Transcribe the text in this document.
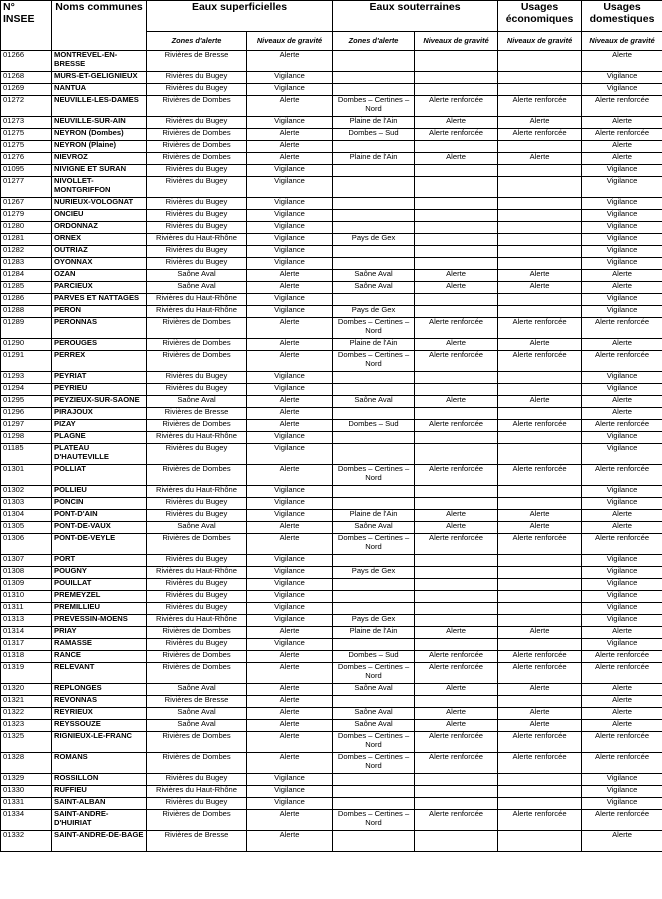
N° INSEE	Noms communes	Eaux superficielles		Eaux souterraines		Usages économiques	Usages domestiques
		Zones d'alerte	Niveaux de gravité	Zones d'alerte	Niveaux de gravité	Niveaux de gravité	Niveaux de gravité
01266	MONTREVEL-EN-BRESSE	Rivières de Bresse	Alerte				Alerte
01268	MURS-ET-GELIGNIEUX	Rivières du Bugey	Vigilance				Vigilance
01269	NANTUA	Rivières du Bugey	Vigilance				Vigilance
01272	NEUVILLE-LES-DAMES	Rivières de Dombes	Alerte	Dombes – Certines – Nord	Alerte renforcée	Alerte renforcée	Alerte renforcée
01273	NEUVILLE-SUR-AIN	Rivières du Bugey	Vigilance	Plaine de l'Ain	Alerte	Alerte	Alerte
01275	NEYRON (Dombes)	Rivières de Dombes	Alerte	Dombes – Sud	Alerte renforcée	Alerte renforcée	Alerte renforcée
01275	NEYRON (Plaine)	Rivières de Dombes	Alerte				Alerte
01276	NIEVROZ	Rivières de Dombes	Alerte	Plaine de l'Ain	Alerte	Alerte	Alerte
01095	NIVIGNE ET SURAN	Rivières du Bugey	Vigilance				Vigilance
01277	NIVOLLET-MONTGRIFFON	Rivières du Bugey	Vigilance				Vigilance
01267	NURIEUX-VOLOGNAT	Rivières du Bugey	Vigilance				Vigilance
01279	ONCIEU	Rivières du Bugey	Vigilance				Vigilance
01280	ORDONNAZ	Rivières du Bugey	Vigilance				Vigilance
01281	ORNEX	Rivières du Haut-Rhône	Vigilance	Pays de Gex			Vigilance
01282	OUTRIAZ	Rivières du Bugey	Vigilance				Vigilance
01283	OYONNAX	Rivières du Bugey	Vigilance				Vigilance
01284	OZAN	Saône Aval	Alerte	Saône Aval	Alerte	Alerte	Alerte
01285	PARCIEUX	Saône Aval	Alerte	Saône Aval	Alerte	Alerte	Alerte
01286	PARVES ET NATTAGES	Rivières du Haut-Rhône	Vigilance				Vigilance
01288	PERON	Rivières du Haut-Rhône	Vigilance	Pays de Gex			Vigilance
01289	PERONNAS	Rivières de Dombes	Alerte	Dombes – Certines – Nord	Alerte renforcée	Alerte renforcée	Alerte renforcée
01290	PEROUGES	Rivières de Dombes	Alerte	Plaine de l'Ain	Alerte	Alerte	Alerte
01291	PERREX	Rivières de Dombes	Alerte	Dombes – Certines – Nord	Alerte renforcée	Alerte renforcée	Alerte renforcée
01293	PEYRIAT	Rivières du Bugey	Vigilance				Vigilance
01294	PEYRIEU	Rivières du Bugey	Vigilance				Vigilance
01295	PEYZIEUX-SUR-SAONE	Saône Aval	Alerte	Saône Aval	Alerte	Alerte	Alerte
01296	PIRAJOUX	Rivières de Bresse	Alerte				Alerte
01297	PIZAY	Rivières de Dombes	Alerte	Dombes – Sud	Alerte renforcée	Alerte renforcée	Alerte renforcée
01298	PLAGNE	Rivières du Haut-Rhône	Vigilance				Vigilance
01185	PLATEAU D'HAUTEVILLE	Rivières du Bugey	Vigilance				Vigilance
01301	POLLIAT	Rivières de Dombes	Alerte	Dombes – Certines – Nord	Alerte renforcée	Alerte renforcée	Alerte renforcée
01302	POLLIEU	Rivières du Haut-Rhône	Vigilance				Vigilance
01303	PONCIN	Rivières du Bugey	Vigilance				Vigilance
01304	PONT-D'AIN	Rivières du Bugey	Vigilance	Plaine de l'Ain	Alerte	Alerte	Alerte
01305	PONT-DE-VAUX	Saône Aval	Alerte	Saône Aval	Alerte	Alerte	Alerte
01306	PONT-DE-VEYLE	Rivières de Dombes	Alerte	Dombes – Certines – Nord	Alerte renforcée	Alerte renforcée	Alerte renforcée
01307	PORT	Rivières du Bugey	Vigilance				Vigilance
01308	POUGNY	Rivières du Haut-Rhône	Vigilance	Pays de Gex			Vigilance
01309	POUILLAT	Rivières du Bugey	Vigilance				Vigilance
01310	PREMEYZEL	Rivières du Bugey	Vigilance				Vigilance
01311	PREMILLIEU	Rivières du Bugey	Vigilance				Vigilance
01313	PREVESSIN-MOENS	Rivières du Haut-Rhône	Vigilance	Pays de Gex			Vigilance
01314	PRIAY	Rivières de Dombes	Alerte	Plaine de l'Ain	Alerte	Alerte	Alerte
01317	RAMASSE	Rivières du Bugey	Vigilance				Vigilance
01318	RANCE	Rivières de Dombes	Alerte	Dombes – Sud	Alerte renforcée	Alerte renforcée	Alerte renforcée
01319	RELEVANT	Rivières de Dombes	Alerte	Dombes – Certines – Nord	Alerte renforcée	Alerte renforcée	Alerte renforcée
01320	REPLONGES	Saône Aval	Alerte	Saône Aval	Alerte	Alerte	Alerte
01321	REVONNAS	Rivières de Bresse	Alerte				Alerte
01322	REYRIEUX	Saône Aval	Alerte	Saône Aval	Alerte	Alerte	Alerte
01323	REYSSOUZE	Saône Aval	Alerte	Saône Aval	Alerte	Alerte	Alerte
01325	RIGNIEUX-LE-FRANC	Rivières de Dombes	Alerte	Dombes – Certines – Nord	Alerte renforcée	Alerte renforcée	Alerte renforcée
01328	ROMANS	Rivières de Dombes	Alerte	Dombes – Certines – Nord	Alerte renforcée	Alerte renforcée	Alerte renforcée
01329	ROSSILLON	Rivières du Bugey	Vigilance				Vigilance
01330	RUFFIEU	Rivières du Haut-Rhône	Vigilance				Vigilance
01331	SAINT-ALBAN	Rivières du Bugey	Vigilance				Vigilance
01334	SAINT-ANDRE-D'HUIRIAT	Rivières de Dombes	Alerte	Dombes – Certines – Nord	Alerte renforcée	Alerte renforcée	Alerte renforcée
01332	SAINT-ANDRE-DE-BAGE	Rivières de Bresse	Alerte				Alerte
